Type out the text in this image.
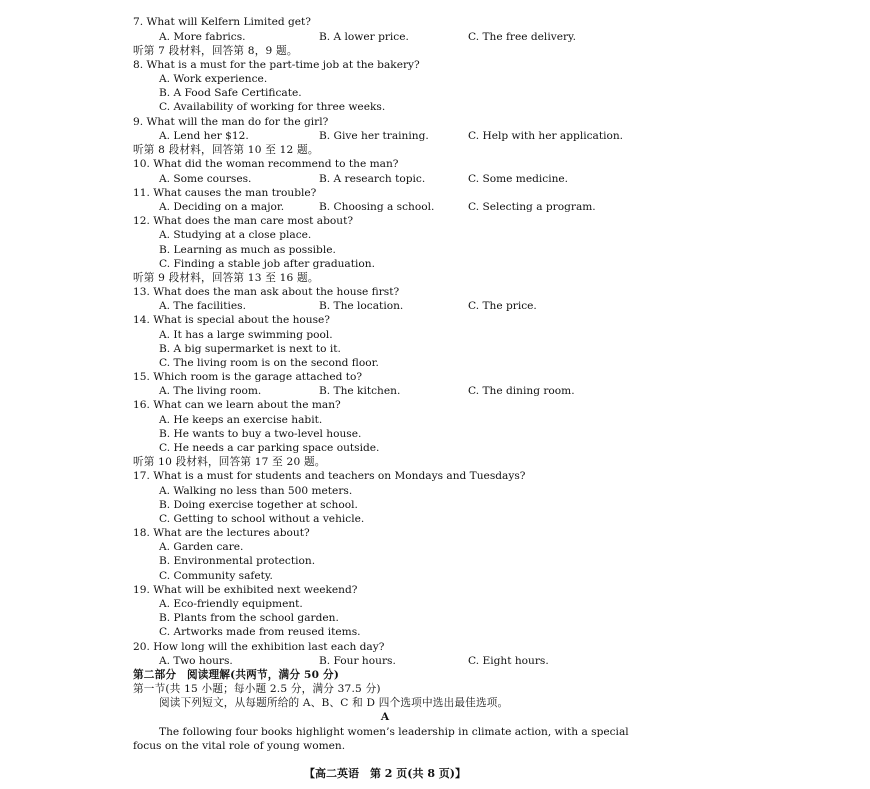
7. What will Kelfern Limited get?
A. More fabrics.	B. A lower price.	C. The free delivery.
听第 7 段材料，回答第 8，9 题。
8. What is a must for the part-time job at the bakery?
A. Work experience.
B. A Food Safe Certificate.
C. Availability of working for three weeks.
9. What will the man do for the girl?
A. Lend her $12.	B. Give her training.	C. Help with her application.
听第 8 段材料，回答第 10 至 12 题。
10. What did the woman recommend to the man?
A. Some courses.	B. A research topic.	C. Some medicine.
11. What causes the man trouble?
A. Deciding on a major.	B. Choosing a school.	C. Selecting a program.
12. What does the man care most about?
A. Studying at a close place.
B. Learning as much as possible.
C. Finding a stable job after graduation.
听第 9 段材料，回答第 13 至 16 题。
13. What does the man ask about the house first?
A. The facilities.	B. The location.	C. The price.
14. What is special about the house?
A. It has a large swimming pool.
B. A big supermarket is next to it.
C. The living room is on the second floor.
15. Which room is the garage attached to?
A. The living room.	B. The kitchen.	C. The dining room.
16. What can we learn about the man?
A. He keeps an exercise habit.
B. He wants to buy a two-level house.
C. He needs a car parking space outside.
听第 10 段材料，回答第 17 至 20 题。
17. What is a must for students and teachers on Mondays and Tuesdays?
A. Walking no less than 500 meters.
B. Doing exercise together at school.
C. Getting to school without a vehicle.
18. What are the lectures about?
A. Garden care.
B. Environmental protection.
C. Community safety.
19. What will be exhibited next weekend?
A. Eco-friendly equipment.
B. Plants from the school garden.
C. Artworks made from reused items.
20. How long will the exhibition last each day?
A. Two hours.	B. Four hours.	C. Eight hours.
第二部分　阅读理解(共两节，满分 50 分)
第一节(共 15 小题；每小题 2.5 分，满分 37.5 分)
阅读下列短文，从每题所给的 A、B、C 和 D 四个选项中选出最佳选项。
A
The following four books highlight women’s leadership in climate action, with a special
focus on the vital role of young women.
【高二英语　第 2 页(共 8 页)】
